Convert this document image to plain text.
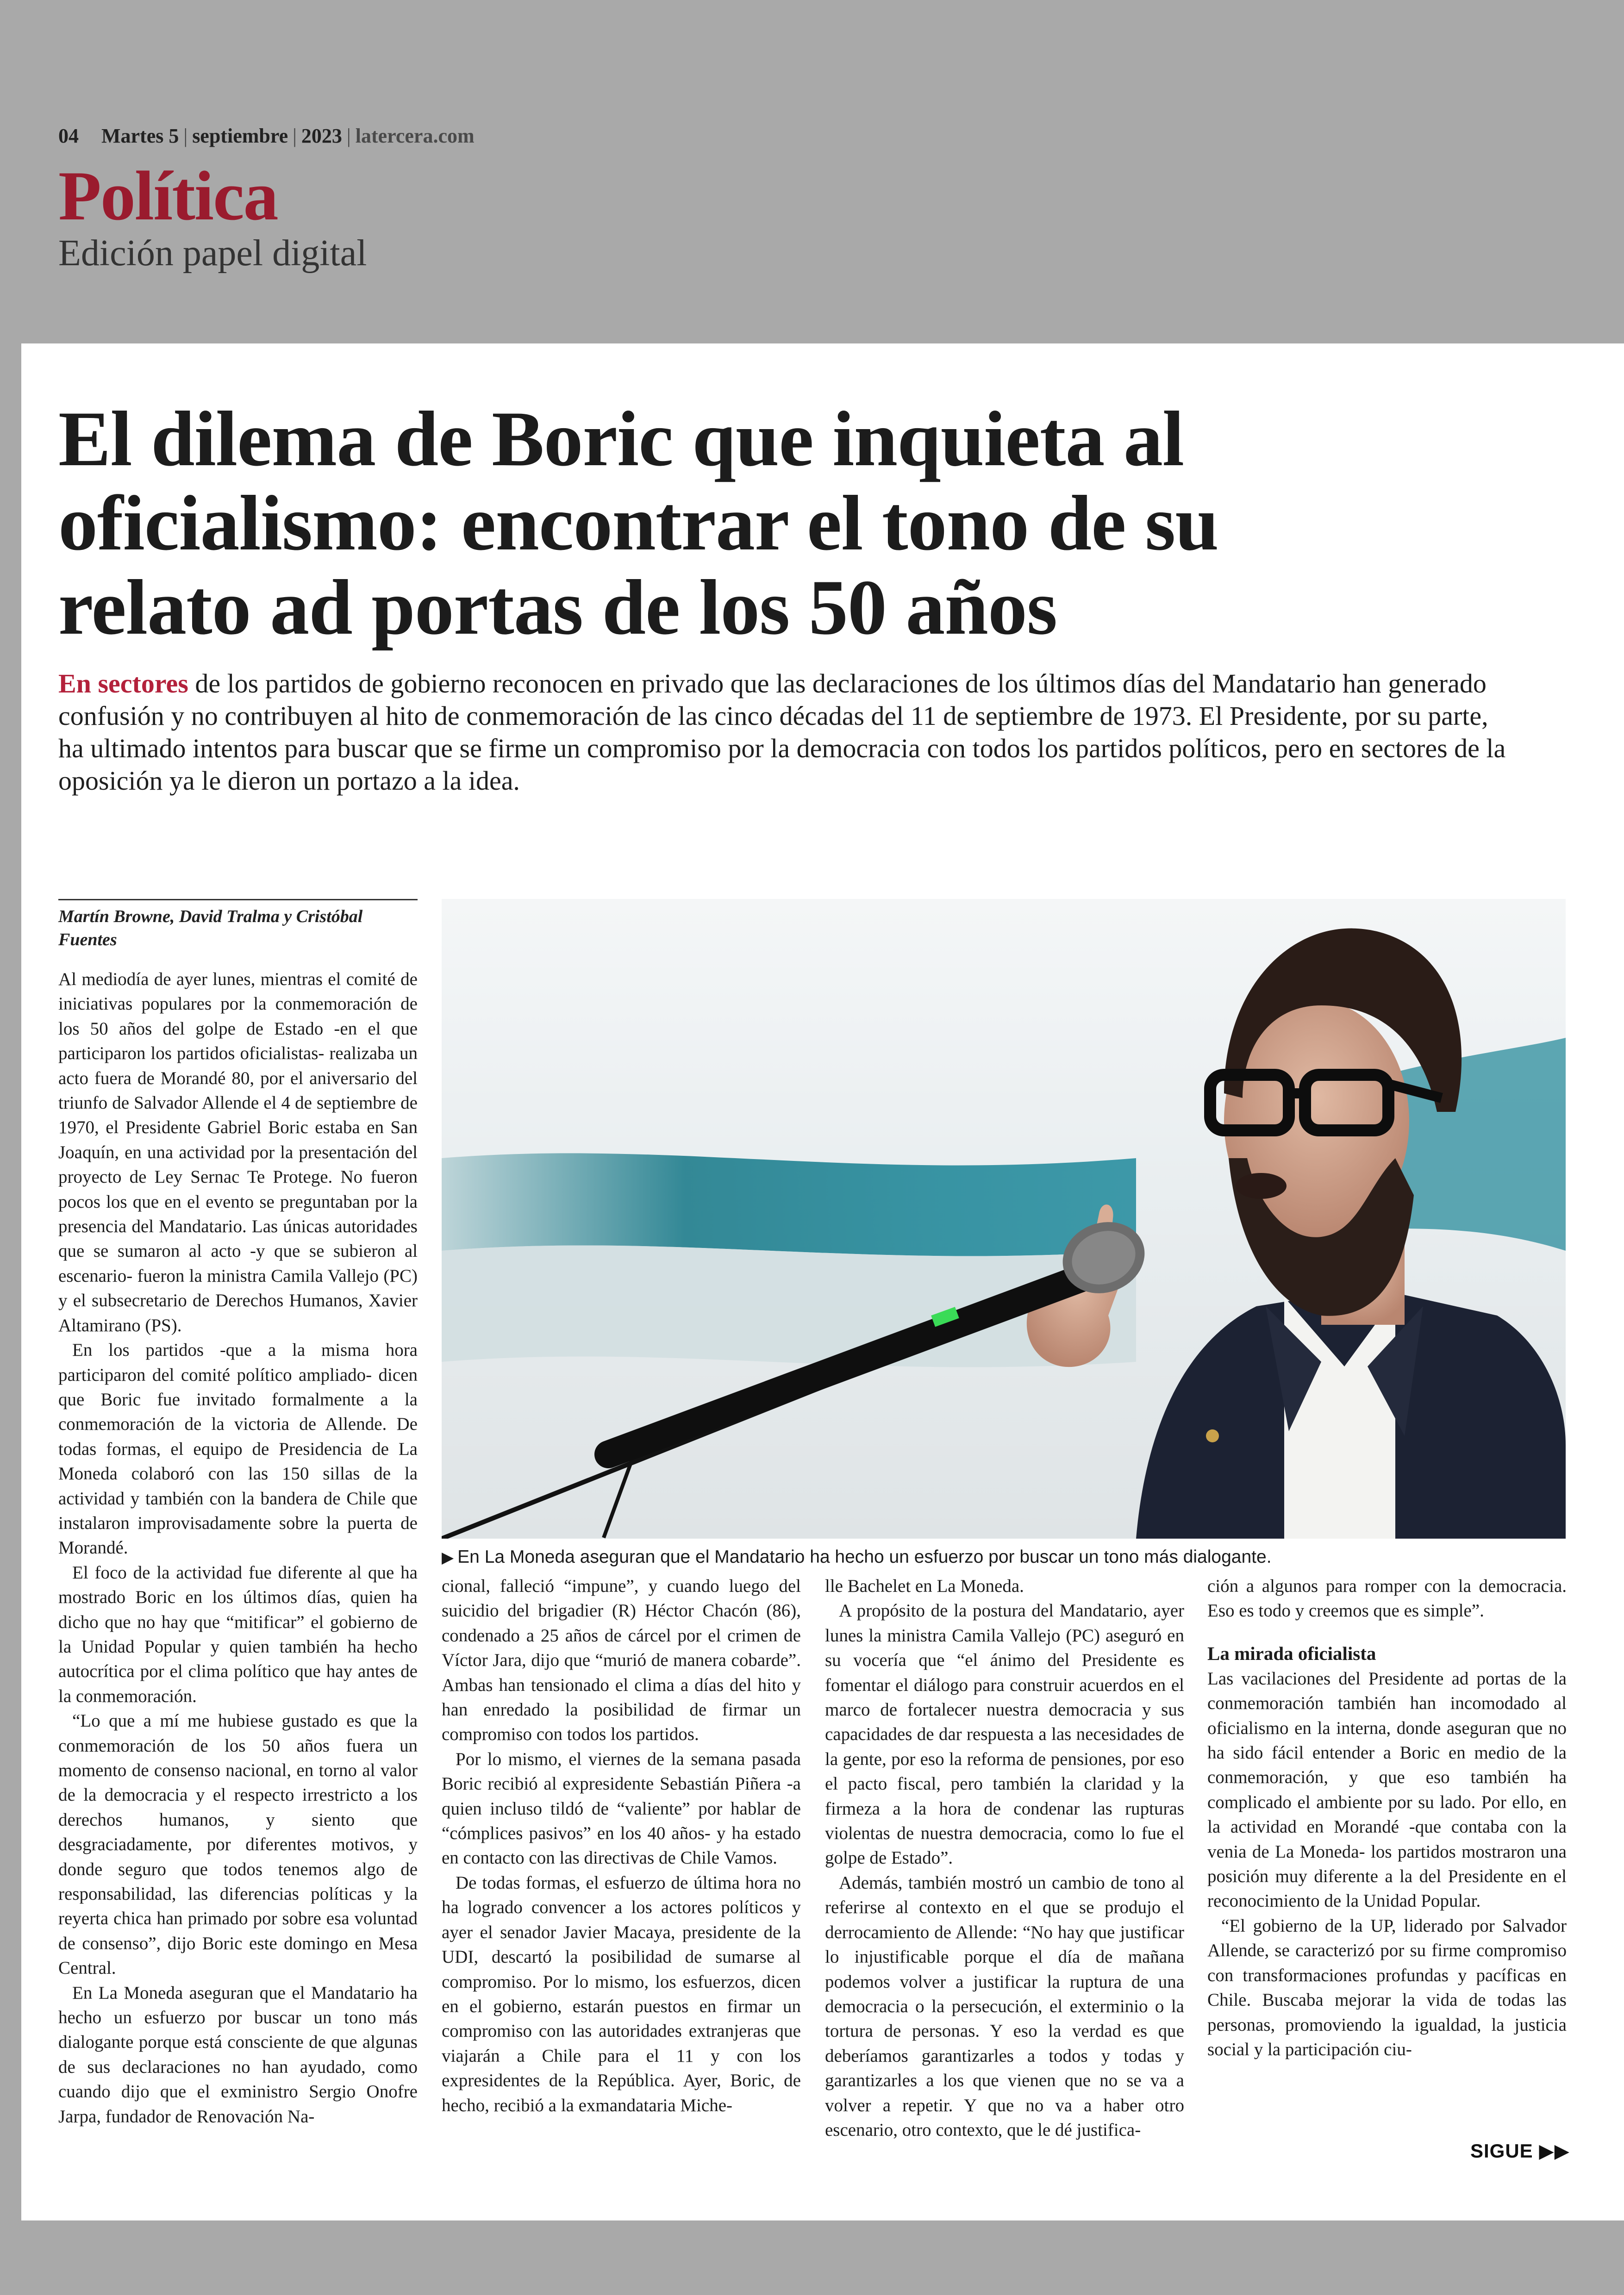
04 Martes 5 | septiembre | 2023 | latercera.com
Política
Edición papel digital
El dilema de Boric que inquieta al oficialismo: encontrar el tono de su relato ad portas de los 50 años

En sectores de los partidos de gobierno reconocen en privado que las declaraciones de los últimos días del Mandatario han generado confusión y no contribuyen al hito de conmemoración de las cinco décadas del 11 de septiembre de 1973. El Presidente, por su parte, ha ultimado intentos para buscar que se firme un compromiso por la democracia con todos los partidos políticos, pero en sectores de la oposición ya le dieron un portazo a la idea.

Martín Browne, David Tralma y Cristóbal Fuentes

Al mediodía de ayer lunes, mientras el comité de iniciativas populares por la conmemoración de los 50 años del golpe de Estado -en el que participaron los partidos oficialistas- realizaba un acto fuera de Morandé 80, por el aniversario del triunfo de Salvador Allende el 4 de septiembre de 1970, el Presidente Gabriel Boric estaba en San Joaquín, en una actividad por la presentación del proyecto de Ley Sernac Te Protege. No fueron pocos los que en el evento se preguntaban por la presencia del Mandatario. Las únicas autoridades que se sumaron al acto -y que se subieron al escenario- fueron la ministra Camila Vallejo (PC) y el subsecretario de Derechos Humanos, Xavier Altamirano (PS).

En los partidos -que a la misma hora participaron del comité político ampliado- dicen que Boric fue invitado formalmente a la conmemoración de la victoria de Allende. De todas formas, el equipo de Presidencia de La Moneda colaboró con las 150 sillas de la actividad y también con la bandera de Chile que instalaron improvisadamente sobre la puerta de Morandé.

El foco de la actividad fue diferente al que ha mostrado Boric en los últimos días, quien ha dicho que no hay que “mitificar” el gobierno de la Unidad Popular y quien también ha hecho autocrítica por el clima político que hay antes de la conmemoración.

“Lo que a mí me hubiese gustado es que la conmemoración de los 50 años fuera un momento de consenso nacional, en torno al valor de la democracia y el respecto irrestricto a los derechos humanos, y siento que desgraciadamente, por diferentes motivos, y donde seguro que todos tenemos algo de responsabilidad, las diferencias políticas y la reyerta chica han primado por sobre esa voluntad de consenso”, dijo Boric este domingo en Mesa Central.

En La Moneda aseguran que el Mandatario ha hecho un esfuerzo por buscar un tono más dialogante porque está consciente de que algunas de sus declaraciones no han ayudado, como cuando dijo que el exministro Sergio Onofre Jarpa, fundador de Renovación Na-

▶ En La Moneda aseguran que el Mandatario ha hecho un esfuerzo por buscar un tono más dialogante.

cional, falleció “impune”, y cuando luego del suicidio del brigadier (R) Héctor Chacón (86), condenado a 25 años de cárcel por el crimen de Víctor Jara, dijo que “murió de manera cobarde”. Ambas han tensionado el clima a días del hito y han enredado la posibilidad de firmar un compromiso con todos los partidos.

Por lo mismo, el viernes de la semana pasada Boric recibió al expresidente Sebastián Piñera -a quien incluso tildó de “valiente” por hablar de “cómplices pasivos” en los 40 años- y ha estado en contacto con las directivas de Chile Vamos.

De todas formas, el esfuerzo de última hora no ha logrado convencer a los actores políticos y ayer el senador Javier Macaya, presidente de la UDI, descartó la posibilidad de sumarse al compromiso. Por lo mismo, los esfuerzos, dicen en el gobierno, estarán puestos en firmar un compromiso con las autoridades extranjeras que viajarán a Chile para el 11 y con los expresidentes de la República. Ayer, Boric, de hecho, recibió a la exmandataria Miche-

lle Bachelet en La Moneda.

A propósito de la postura del Mandatario, ayer lunes la ministra Camila Vallejo (PC) aseguró en su vocería que “el ánimo del Presidente es fomentar el diálogo para construir acuerdos en el marco de fortalecer nuestra democracia y sus capacidades de dar respuesta a las necesidades de la gente, por eso la reforma de pensiones, por eso el pacto fiscal, pero también la claridad y la firmeza a la hora de condenar las rupturas violentas de nuestra democracia, como lo fue el golpe de Estado”.

Además, también mostró un cambio de tono al referirse al contexto en el que se produjo el derrocamiento de Allende: “No hay que justificar lo injustificable porque el día de mañana podemos volver a justificar la ruptura de una democracia o la persecución, el exterminio o la tortura de personas. Y eso la verdad es que deberíamos garantizarles a todos y todas y garantizarles a los que vienen que no se va a volver a repetir. Y que no va a haber otro escenario, otro contexto, que le dé justifica-

ción a algunos para romper con la democracia. Eso es todo y creemos que es simple”.

La mirada oficialista

Las vacilaciones del Presidente ad portas de la conmemoración también han incomodado al oficialismo en la interna, donde aseguran que no ha sido fácil entender a Boric en medio de la conmemoración, y que eso también ha complicado el ambiente por su lado. Por ello, en la actividad en Morandé -que contaba con la venia de La Moneda- los partidos mostraron una posición muy diferente a la del Presidente en el reconocimiento de la Unidad Popular.

“El gobierno de la UP, liderado por Salvador Allende, se caracterizó por su firme compromiso con transformaciones profundas y pacíficas en Chile. Buscaba mejorar la vida de todas las personas, promoviendo la igualdad, la justicia social y la participación ciu-

SIGUE ▶▶
